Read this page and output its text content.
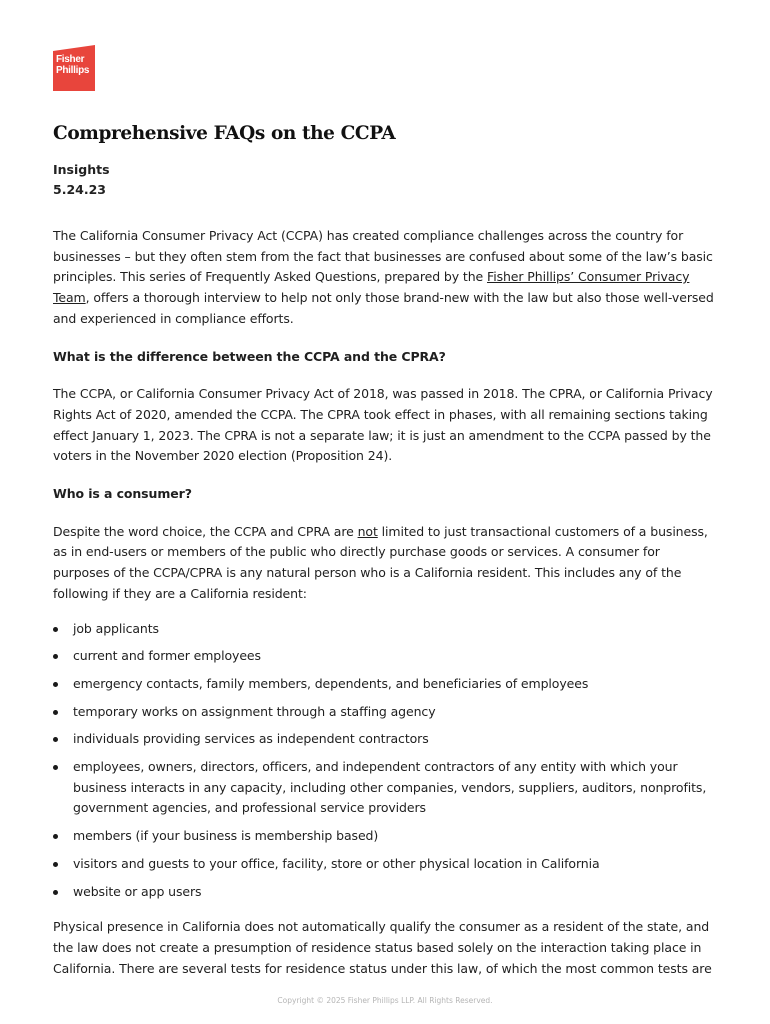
Fisher
Phillips
Comprehensive FAQs on the CCPA
Insights
5.24.23

The California Consumer Privacy Act (CCPA) has created compliance challenges across the country for businesses – but they often stem from the fact that businesses are confused about some of the law’s basic principles. This series of Frequently Asked Questions, prepared by the Fisher Phillips’ Consumer Privacy Team, offers a thorough interview to help not only those brand-new with the law but also those well-versed and experienced in compliance efforts.

What is the difference between the CCPA and the CPRA?

The CCPA, or California Consumer Privacy Act of 2018, was passed in 2018. The CPRA, or California Privacy Rights Act of 2020, amended the CCPA. The CPRA took effect in phases, with all remaining sections taking effect January 1, 2023. The CPRA is not a separate law; it is just an amendment to the CCPA passed by the voters in the November 2020 election (Proposition 24).

Who is a consumer?

Despite the word choice, the CCPA and CPRA are not limited to just transactional customers of a business, as in end-users or members of the public who directly purchase goods or services. A consumer for purposes of the CCPA/CPRA is any natural person who is a California resident. This includes any of the following if they are a California resident:

job applicants
current and former employees
emergency contacts, family members, dependents, and beneficiaries of employees
temporary works on assignment through a staffing agency
individuals providing services as independent contractors
employees, owners, directors, officers, and independent contractors of any entity with which your business interacts in any capacity, including other companies, vendors, suppliers, auditors, nonprofits, government agencies, and professional service providers
members (if your business is membership based)
visitors and guests to your office, facility, store or other physical location in California
website or app users

Physical presence in California does not automatically qualify the consumer as a resident of the state, and the law does not create a presumption of residence status based solely on the interaction taking place in California. There are several tests for residence status under this law, of which the most common tests are

Copyright © 2025 Fisher Phillips LLP. All Rights Reserved.
